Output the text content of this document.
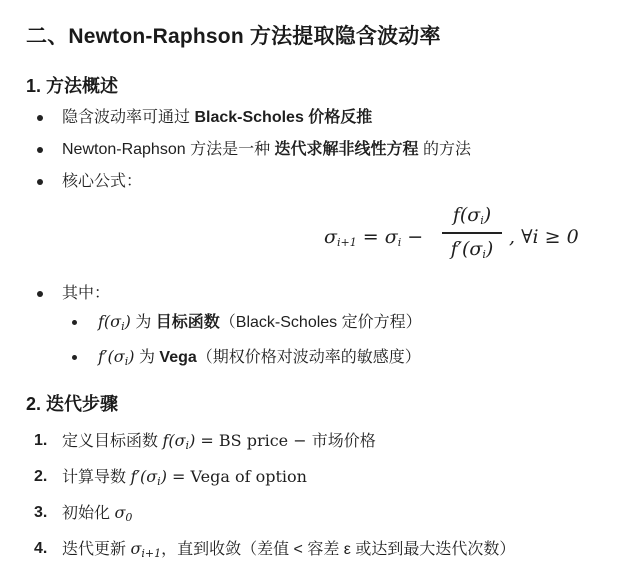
二、Newton-Raphson 方法提取隐含波动率
1. 方法概述
隐含波动率可通过 Black-Scholes 价格反推
Newton-Raphson 方法是一种 迭代求解非线性方程 的方法
核心公式：
$\sigma_{i+1} = \sigma_i$ −
$f(\sigma_i)$
$f'(\sigma_i)$
, ∀i ≥ 0
其中：
$f(\sigma_i)$ 为 目标函数（Black-Scholes 定价方程）
$f'(\sigma_i)$ 为 Vega（期权价格对波动率的敏感度）
2. 迭代步骤
1. 定义目标函数 $f(\sigma_i)$ = BS price − 市场价格
2. 计算导数 $f'(\sigma_i)$ = Vega of option
3. 初始化 $\sigma_0$
4. 迭代更新 $\sigma_{i+1}$，直到收敛（差值 < 容差 ε 或达到最大迭代次数）
